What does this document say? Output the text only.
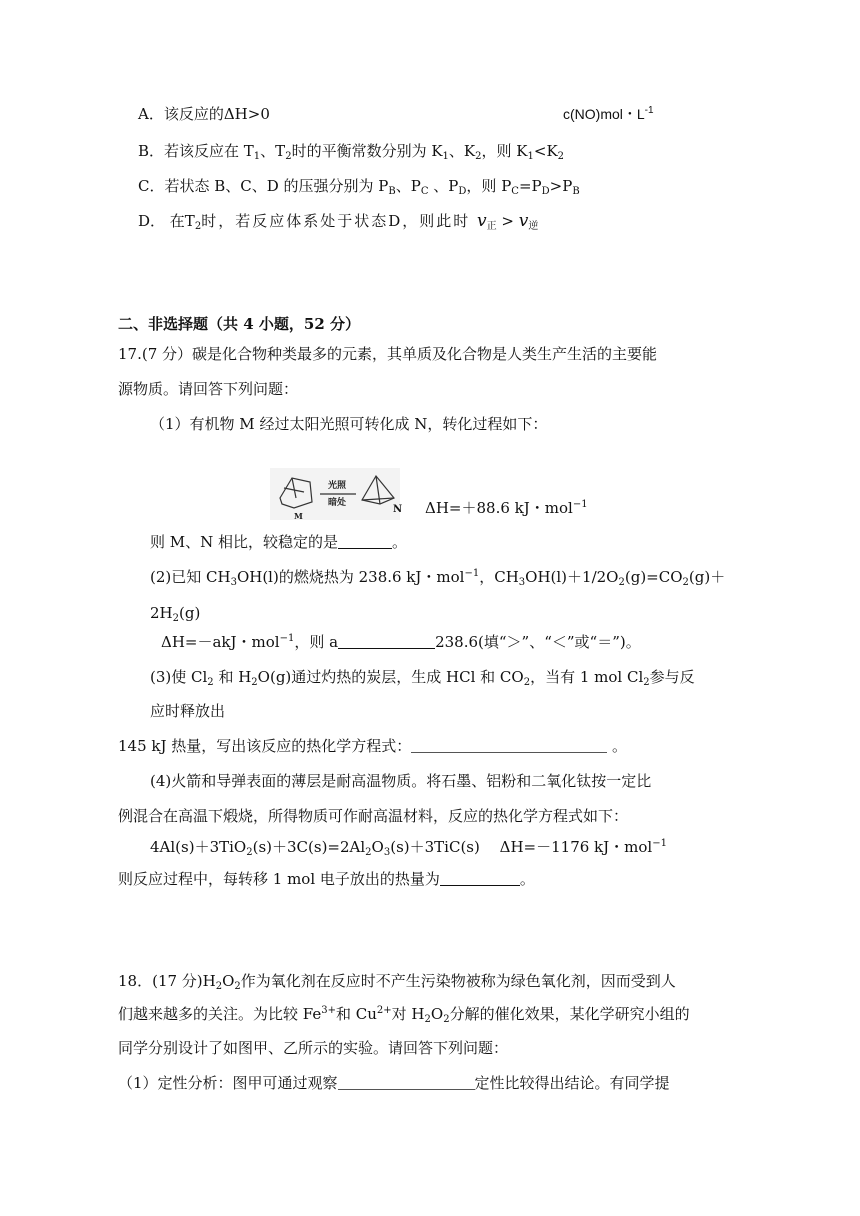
A．该反应的ΔH>0	c(NO)mol・$L^{-1}$
B．若该反应在 $T_1$、$T_2$时的平衡常数分别为 $K_1$、$K_2$，则 $K_1<K_2$
C．若状态 B、C、D 的压强分别为 $P_B$、$P_C$ 、$P_D$，则 $P_C=P_D>P_B$
D． 在$T_2$时，若反应体系处于状态D，则此时 $v_正 > v_逆$
二、非选择题（共 4 小题，52 分）
17.(7 分）碳是化合物种类最多的元素，其单质及化合物是人类生产生活的主要能
源物质。请回答下列问题：
（1）有机物 M 经过太阳光照可转化成 N，转化过程如下：
光照
暗处
M
N ΔH=＋88.6 kJ・mol$^{-1}$
则 M、N 相比，较稳定的是	。
(2)已知 $CH_3OH(l)$的燃烧热为 238.6 kJ・mol$^{-1}$，$CH_3OH(l)+1/2O_2(g)=CO_2(g)+$
$2H_2(g)$
ΔH=－akJ・mol$^{-1}$，则 a	238.6(填“＞”、“＜”或“＝”)。
(3)使 $Cl_2$ 和 $H_2O(g)$通过灼热的炭层，生成 HCl 和 $CO_2$，当有 1 mol $Cl_2$参与反
应时释放出
145 kJ 热量，写出该反应的热化学方程式：	。
(4)火箭和导弹表面的薄层是耐高温物质。将石墨、铝粉和二氧化钛按一定比
例混合在高温下煅烧，所得物质可作耐高温材料，反应的热化学方程式如下：
$4Al(s)+3TiO_2(s)+3C(s)=2Al_2O_3(s)+3TiC(s)$　 ΔH=－1176 kJ・mol$^{-1}$
则反应过程中，每转移 1 mol 电子放出的热量为	。
18．(17 分)$H_2O_2$作为氧化剂在反应时不产生污染物被称为绿色氧化剂，因而受到人
们越来越多的关注。为比较 $Fe^{3+}$和 $Cu^{2+}$对 $H_2O_2$分解的催化效果，某化学研究小组的
同学分别设计了如图甲、乙所示的实验。请回答下列问题：
（1）定性分析：图甲可通过观察	定性比较得出结论。有同学提
